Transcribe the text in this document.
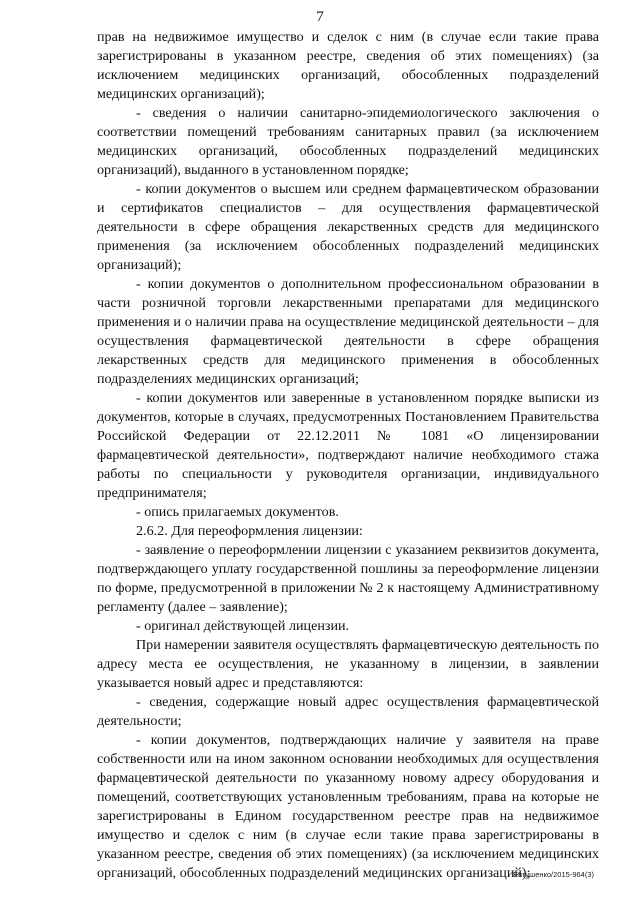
7

прав на недвижимое имущество и сделок с ним (в случае если такие права зарегистрированы в указанном реестре, сведения об этих помещениях) (за исключением медицинских организаций, обособленных подразделений медицинских организаций);

- сведения о наличии санитарно-эпидемиологического заключения о соответствии помещений требованиям санитарных правил (за исключением медицинских организаций, обособленных подразделений медицинских организаций), выданного в установленном порядке;

- копии документов о высшем или среднем фармацевтическом образовании и сертификатов специалистов – для осуществления фармацевтической деятельности в сфере обращения лекарственных средств для медицинского применения (за исключением обособленных подразделений медицинских организаций);

- копии документов о дополнительном профессиональном образовании в части розничной торговли лекарственными препаратами для медицинского применения и о наличии права на осуществление медицинской деятельности – для осуществления фармацевтической деятельности в сфере обращения лекарственных средств для медицинского применения в обособленных подразделениях медицинских организаций;

- копии документов или заверенные в установленном порядке выписки из документов, которые в случаях, предусмотренных Постановлением Правительства Российской Федерации от 22.12.2011 № 1081 «О лицензировании фармацевтической деятельности», подтверждают наличие необходимого стажа работы по специальности у руководителя организации, индивидуального предпринимателя;

- опись прилагаемых документов.

2.6.2. Для переоформления лицензии:

- заявление о переоформлении лицензии с указанием реквизитов документа, подтверждающего уплату государственной пошлины за переоформление лицензии по форме, предусмотренной в приложении № 2 к настоящему Административному регламенту (далее – заявление);

- оригинал действующей лицензии.

При намерении заявителя осуществлять фармацевтическую деятельность по адресу места ее осуществления, не указанному в лицензии, в заявлении указывается новый адрес и представляются:

- сведения, содержащие новый адрес осуществления фармацевтической деятельности;

- копии документов, подтверждающих наличие у заявителя на праве собственности или на ином законном основании необходимых для осуществления фармацевтической деятельности по указанному новому адресу оборудования и помещений, соответствующих установленным требованиям, права на которые не зарегистрированы в Едином государственном реестре прав на недвижимое имущество и сделок с ним (в случае если такие права зарегистрированы в указанном реестре, сведения об этих помещениях) (за исключением медицинских организаций, обособленных подразделений медицинских организаций);

Евтушенко/2015-964(3)
